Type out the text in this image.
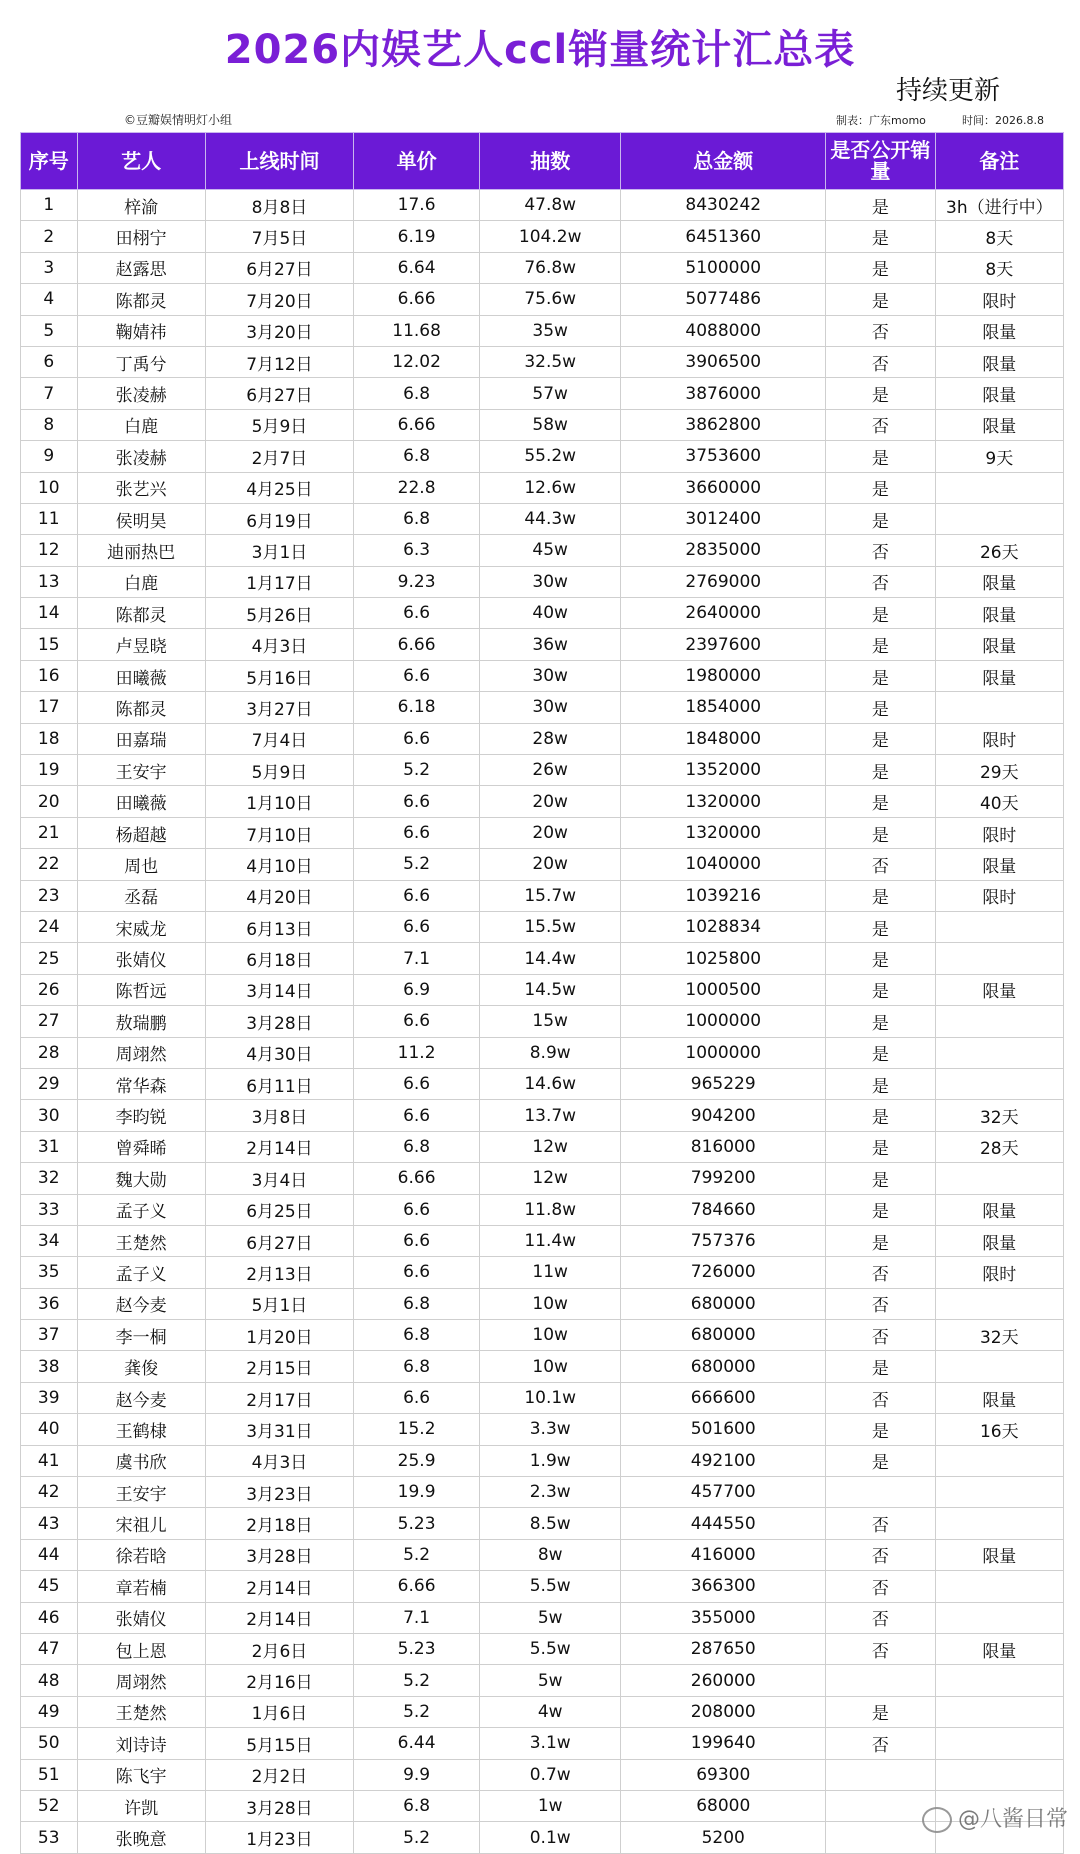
2026内娱艺人ccl销量统计汇总表
持续更新
©豆瓣娱情明灯小组	制表：广东momo	时间：2026.8.8
序号	艺人	上线时间	单价	抽数	总金额	是否公开销量	备注
1	梓渝	8月8日	17.6	47.8w	8430242	是	3h（进行中）
2	田栩宁	7月5日	6.19	104.2w	6451360	是	8天
3	赵露思	6月27日	6.64	76.8w	5100000	是	8天
4	陈都灵	7月20日	6.66	75.6w	5077486	是	限时
5	鞠婧祎	3月20日	11.68	35w	4088000	否	限量
6	丁禹兮	7月12日	12.02	32.5w	3906500	否	限量
7	张凌赫	6月27日	6.8	57w	3876000	是	限量
8	白鹿	5月9日	6.66	58w	3862800	否	限量
9	张凌赫	2月7日	6.8	55.2w	3753600	是	9天
10	张艺兴	4月25日	22.8	12.6w	3660000	是	
11	侯明昊	6月19日	6.8	44.3w	3012400	是	
12	迪丽热巴	3月1日	6.3	45w	2835000	否	26天
13	白鹿	1月17日	9.23	30w	2769000	否	限量
14	陈都灵	5月26日	6.6	40w	2640000	是	限量
15	卢昱晓	4月3日	6.66	36w	2397600	是	限量
16	田曦薇	5月16日	6.6	30w	1980000	是	限量
17	陈都灵	3月27日	6.18	30w	1854000	是	
18	田嘉瑞	7月4日	6.6	28w	1848000	是	限时
19	王安宇	5月9日	5.2	26w	1352000	是	29天
20	田曦薇	1月10日	6.6	20w	1320000	是	40天
21	杨超越	7月10日	6.6	20w	1320000	是	限时
22	周也	4月10日	5.2	20w	1040000	否	限量
23	丞磊	4月20日	6.6	15.7w	1039216	是	限时
24	宋威龙	6月13日	6.6	15.5w	1028834	是	
25	张婧仪	6月18日	7.1	14.4w	1025800	是	
26	陈哲远	3月14日	6.9	14.5w	1000500	是	限量
27	敖瑞鹏	3月28日	6.6	15w	1000000	是	
28	周翊然	4月30日	11.2	8.9w	1000000	是	
29	常华森	6月11日	6.6	14.6w	965229	是	
30	李昀锐	3月8日	6.6	13.7w	904200	是	32天
31	曾舜晞	2月14日	6.8	12w	816000	是	28天
32	魏大勋	3月4日	6.66	12w	799200	是	
33	孟子义	6月25日	6.6	11.8w	784660	是	限量
34	王楚然	6月27日	6.6	11.4w	757376	是	限量
35	孟子义	2月13日	6.6	11w	726000	否	限时
36	赵今麦	5月1日	6.8	10w	680000	否	
37	李一桐	1月20日	6.8	10w	680000	否	32天
38	龚俊	2月15日	6.8	10w	680000	是	
39	赵今麦	2月17日	6.6	10.1w	666600	否	限量
40	王鹤棣	3月31日	15.2	3.3w	501600	是	16天
41	虞书欣	4月3日	25.9	1.9w	492100	是	
42	王安宇	3月23日	19.9	2.3w	457700		
43	宋祖儿	2月18日	5.23	8.5w	444550	否	
44	徐若晗	3月28日	5.2	8w	416000	否	限量
45	章若楠	2月14日	6.66	5.5w	366300	否	
46	张婧仪	2月14日	7.1	5w	355000	否	
47	包上恩	2月6日	5.23	5.5w	287650	否	限量
48	周翊然	2月16日	5.2	5w	260000		
49	王楚然	1月6日	5.2	4w	208000	是	
50	刘诗诗	5月15日	6.44	3.1w	199640	否	
51	陈飞宇	2月2日	9.9	0.7w	69300		
52	许凯	3月28日	6.8	1w	68000		
53	张晚意	1月23日	5.2	0.1w	5200		
@八酱日常
